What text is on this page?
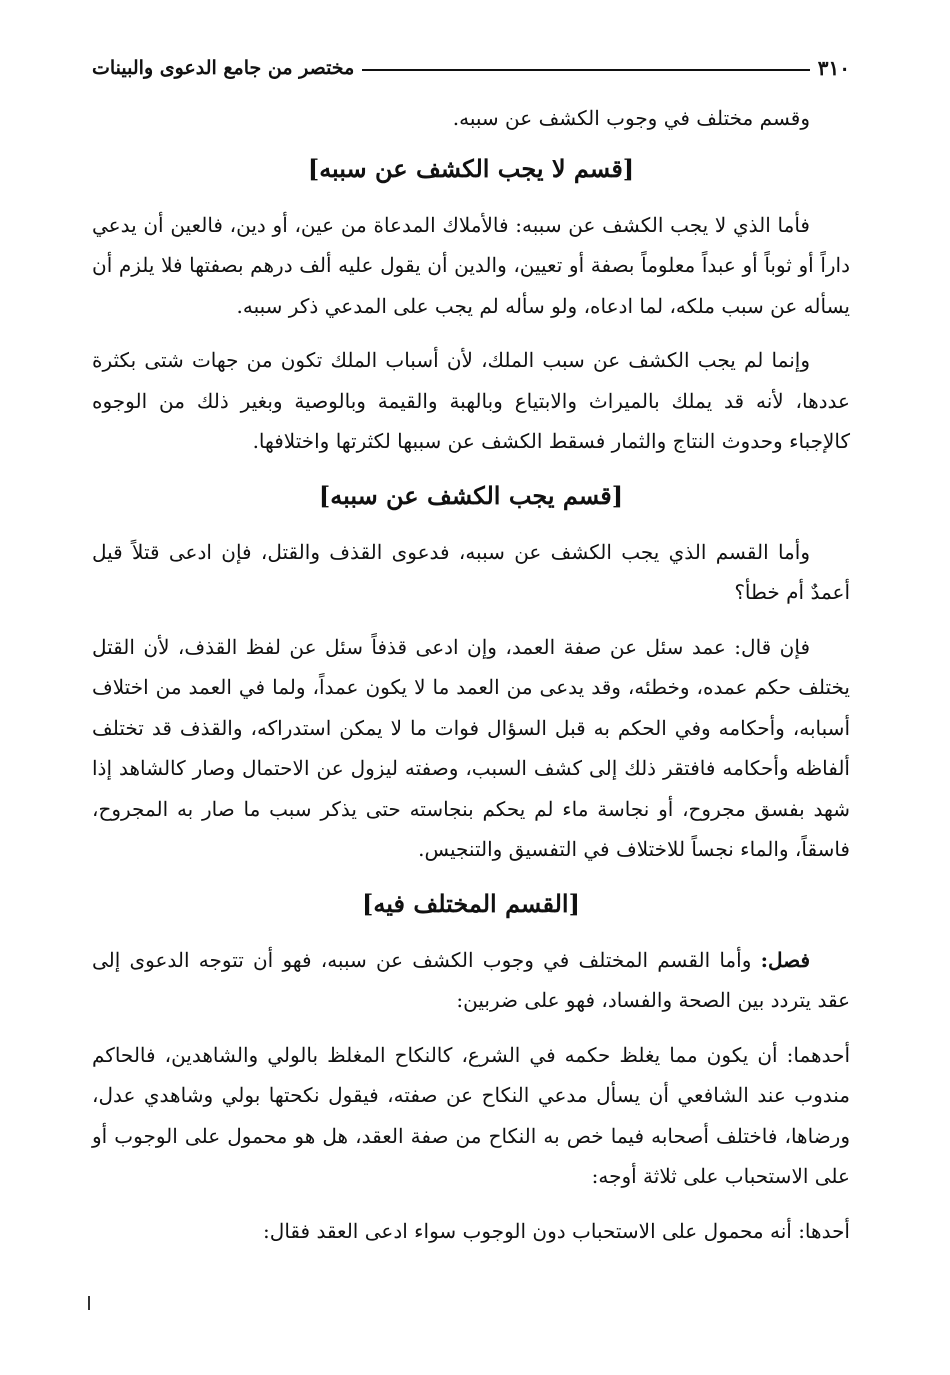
٣١٠
مختصر من جامع الدعوى والبينات

وقسم مختلف في وجوب الكشف عن سببه.

[قسم لا يجب الكشف عن سببه]

فأما الذي لا يجب الكشف عن سببه: فالأملاك المدعاة من عين، أو دين، فالعين أن يدعي داراً أو ثوباً أو عبداً معلوماً بصفة أو تعيين، والدين أن يقول عليه ألف درهم بصفتها فلا يلزم أن يسأله عن سبب ملكه، لما ادعاه، ولو سأله لم يجب على المدعي ذكر سببه.

وإنما لم يجب الكشف عن سبب الملك، لأن أسباب الملك تكون من جهات شتى بكثرة عددها، لأنه قد يملك بالميراث والابتياع وبالهبة والقيمة وبالوصية وبغير ذلك من الوجوه كالإجباء وحدوث النتاج والثمار فسقط الكشف عن سببها لكثرتها واختلافها.

[قسم يجب الكشف عن سببه]

وأما القسم الذي يجب الكشف عن سببه، فدعوى القذف والقتل، فإن ادعى قتلاً قيل أعمدٌ أم خطأ؟

فإن قال: عمد سئل عن صفة العمد، وإن ادعى قذفاً سئل عن لفظ القذف، لأن القتل يختلف حكم عمده، وخطئه، وقد يدعى من العمد ما لا يكون عمداً، ولما في العمد من اختلاف أسبابه، وأحكامه وفي الحكم به قبل السؤال فوات ما لا يمكن استدراكه، والقذف قد تختلف ألفاظه وأحكامه فافتقر ذلك إلى كشف السبب، وصفته ليزول عن الاحتمال وصار كالشاهد إذا شهد بفسق مجروح، أو نجاسة ماء لم يحكم بنجاسته حتى يذكر سبب ما صار به المجروح، فاسقاً، والماء نجساً للاختلاف في التفسيق والتنجيس.

[القسم المختلف فيه]

فصل: وأما القسم المختلف في وجوب الكشف عن سببه، فهو أن تتوجه الدعوى إلى عقد يتردد بين الصحة والفساد، فهو على ضربين:

أحدهما: أن يكون مما يغلظ حكمه في الشرع، كالنكاح المغلظ بالولي والشاهدين، فالحاكم مندوب عند الشافعي أن يسأل مدعي النكاح عن صفته، فيقول نكحتها بولي وشاهدي عدل، ورضاها، فاختلف أصحابه فيما خص به النكاح من صفة العقد، هل هو محمول على الوجوب أو على الاستحباب على ثلاثة أوجه:

أحدها: أنه محمول على الاستحباب دون الوجوب سواء ادعى العقد فقال:
